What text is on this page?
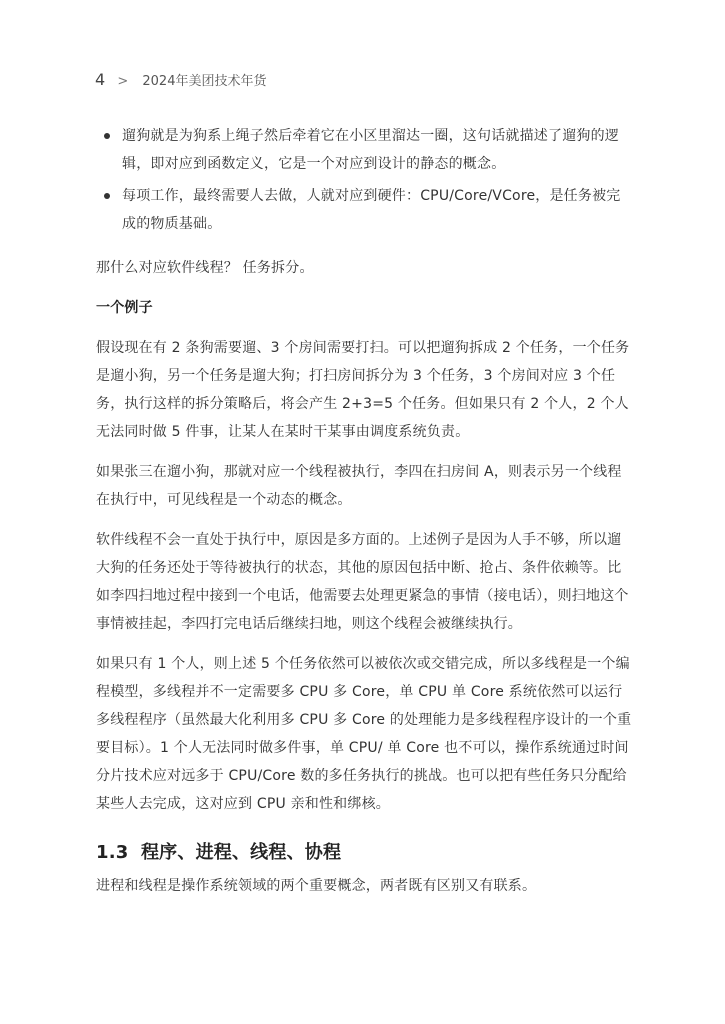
4 > 2024年美团技术年货
遛狗就是为狗系上绳子然后牵着它在小区里溜达一圈，这句话就描述了遛狗的逻辑，即对应到函数定义，它是一个对应到设计的静态的概念。
每项工作，最终需要人去做，人就对应到硬件：CPU/Core/VCore，是任务被完成的物质基础。

那什么对应软件线程？ 任务拆分。

一个例子

假设现在有 2 条狗需要遛、3 个房间需要打扫。可以把遛狗拆成 2 个任务，一个任务是遛小狗，另一个任务是遛大狗；打扫房间拆分为 3 个任务，3 个房间对应 3 个任务，执行这样的拆分策略后，将会产生 2+3=5 个任务。但如果只有 2 个人，2 个人无法同时做 5 件事，让某人在某时干某事由调度系统负责。

如果张三在遛小狗，那就对应一个线程被执行，李四在扫房间 A，则表示另一个线程在执行中，可见线程是一个动态的概念。

软件线程不会一直处于执行中，原因是多方面的。上述例子是因为人手不够，所以遛大狗的任务还处于等待被执行的状态，其他的原因包括中断、抢占、条件依赖等。比如李四扫地过程中接到一个电话，他需要去处理更紧急的事情（接电话），则扫地这个事情被挂起，李四打完电话后继续扫地，则这个线程会被继续执行。

如果只有 1 个人，则上述 5 个任务依然可以被依次或交错完成，所以多线程是一个编程模型，多线程并不一定需要多 CPU 多 Core，单 CPU 单 Core 系统依然可以运行多线程程序（虽然最大化利用多 CPU 多 Core 的处理能力是多线程程序设计的一个重要目标）。1 个人无法同时做多件事，单 CPU/ 单 Core 也不可以，操作系统通过时间分片技术应对远多于 CPU/Core 数的多任务执行的挑战。也可以把有些任务只分配给某些人去完成，这对应到 CPU 亲和性和绑核。

1.3 程序、进程、线程、协程

进程和线程是操作系统领域的两个重要概念，两者既有区别又有联系。
